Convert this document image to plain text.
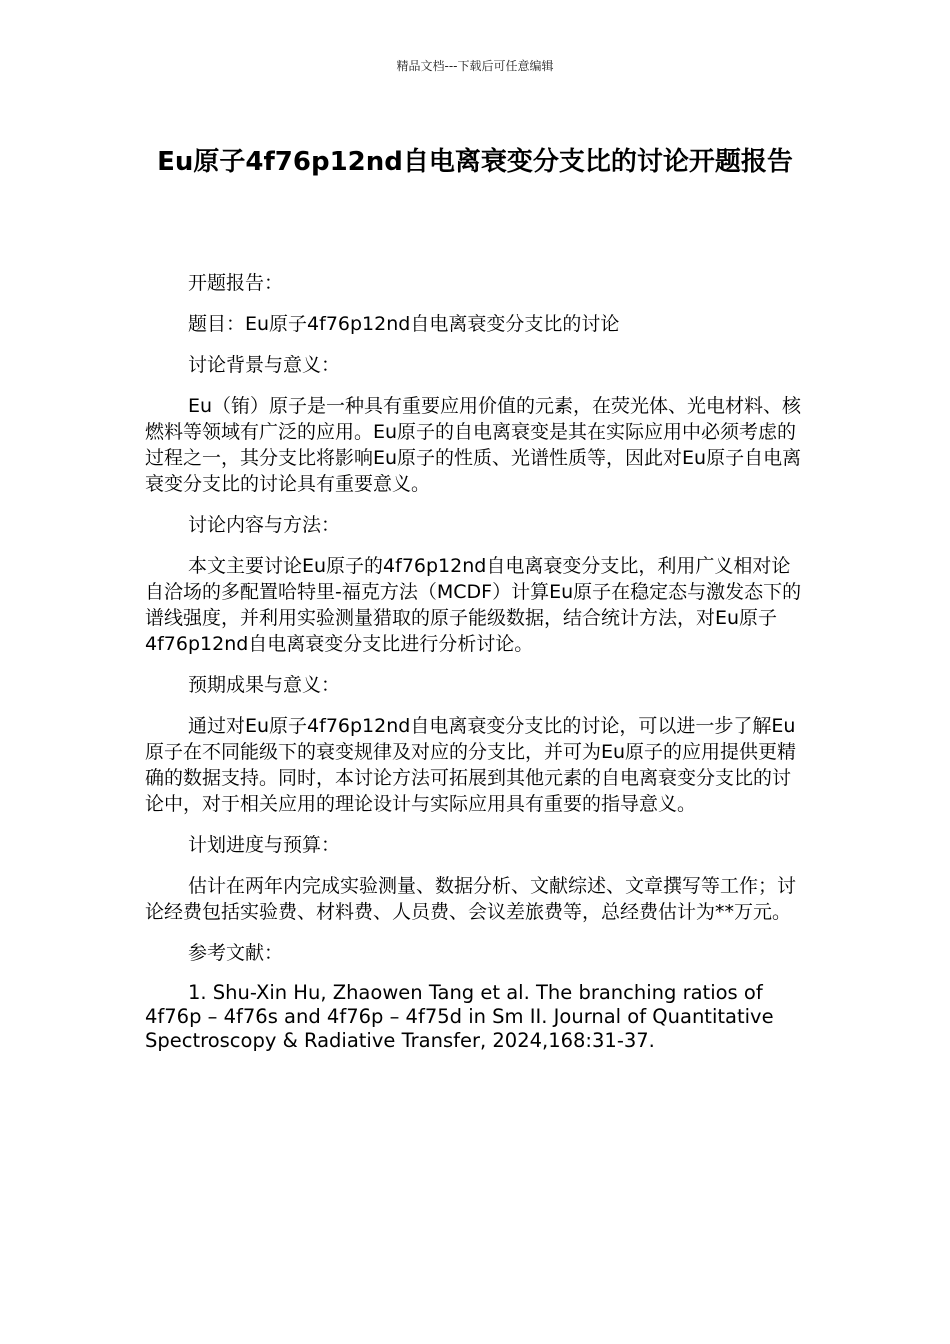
精品文档---下载后可任意编辑
Eu原子4f76p12nd自电离衰变分支比的讨论开题报告

开题报告：

题目：Eu原子4f76p12nd自电离衰变分支比的讨论

讨论背景与意义：

Eu（铕）原子是一种具有重要应用价值的元素，在荧光体、光电材料、核燃料等领域有广泛的应用。Eu原子的自电离衰变是其在实际应用中必须考虑的过程之一，其分支比将影响Eu原子的性质、光谱性质等，因此对Eu原子自电离衰变分支比的讨论具有重要意义。

讨论内容与方法：

本文主要讨论Eu原子的4f76p12nd自电离衰变分支比，利用广义相对论自洽场的多配置哈特里-福克方法（MCDF）计算Eu原子在稳定态与激发态下的谱线强度，并利用实验测量猎取的原子能级数据，结合统计方法，对Eu原子4f76p12nd自电离衰变分支比进行分析讨论。

预期成果与意义：

通过对Eu原子4f76p12nd自电离衰变分支比的讨论，可以进一步了解Eu原子在不同能级下的衰变规律及对应的分支比，并可为Eu原子的应用提供更精确的数据支持。同时，本讨论方法可拓展到其他元素的自电离衰变分支比的讨论中，对于相关应用的理论设计与实际应用具有重要的指导意义。

计划进度与预算：

估计在两年内完成实验测量、数据分析、文献综述、文章撰写等工作；讨论经费包括实验费、材料费、人员费、会议差旅费等，总经费估计为**万元。

参考文献：

1. Shu-Xin Hu, Zhaowen Tang et al. The branching ratios of 4f76p – 4f76s and 4f76p – 4f75d in Sm II. Journal of Quantitative Spectroscopy & Radiative Transfer, 2024,168:31-37.
